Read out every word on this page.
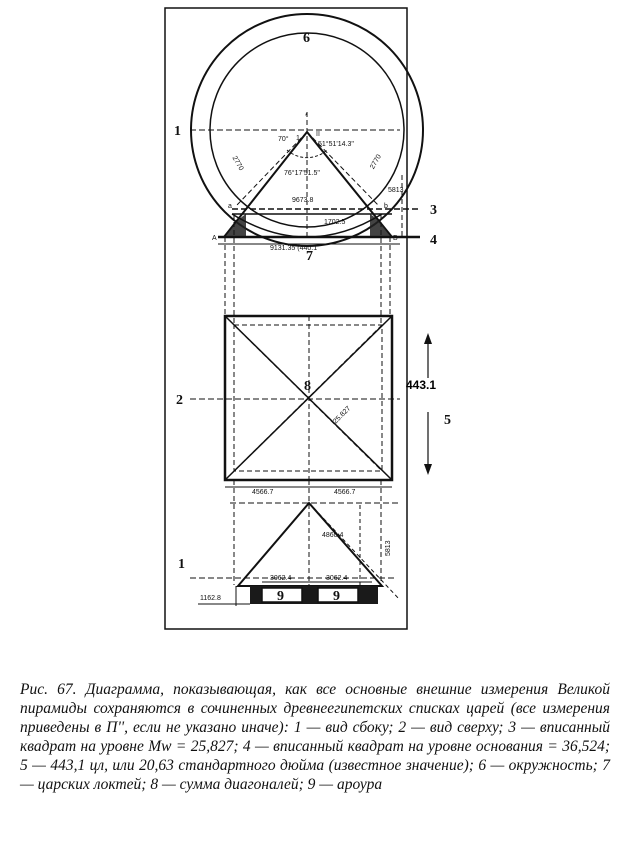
6
1
3
4
7
2
8
5
1
9	9
443.1
A	B
a	b
*
II
1
2770	2770
70°
51°51'14.3"
76°17'51.5"
9673.8
1702.5
5813
9131.35 (440.1
25.827
4566.7	4566.7
4860.4
5813
1162.8
3062.4	3062.4
Рис. 67. Диаграмма, показывающая, как все основные внешние измерения Великой пирамиды сохраняются в сочиненных древнеегипетских списках царей (все измерения приведены в П'', если не указано иначе): 1 — вид сбоку; 2 — вид сверху; 3 — вписанный квадрат на уровне Mw = 25,827; 4 — вписанный квадрат на уровне основания = 36,524; 5 — 443,1 цл, или 20,63 стандартного дюйма (известное значение); 6 — окружность; 7 — царских локтей; 8 — сумма диагоналей; 9 — ароура
